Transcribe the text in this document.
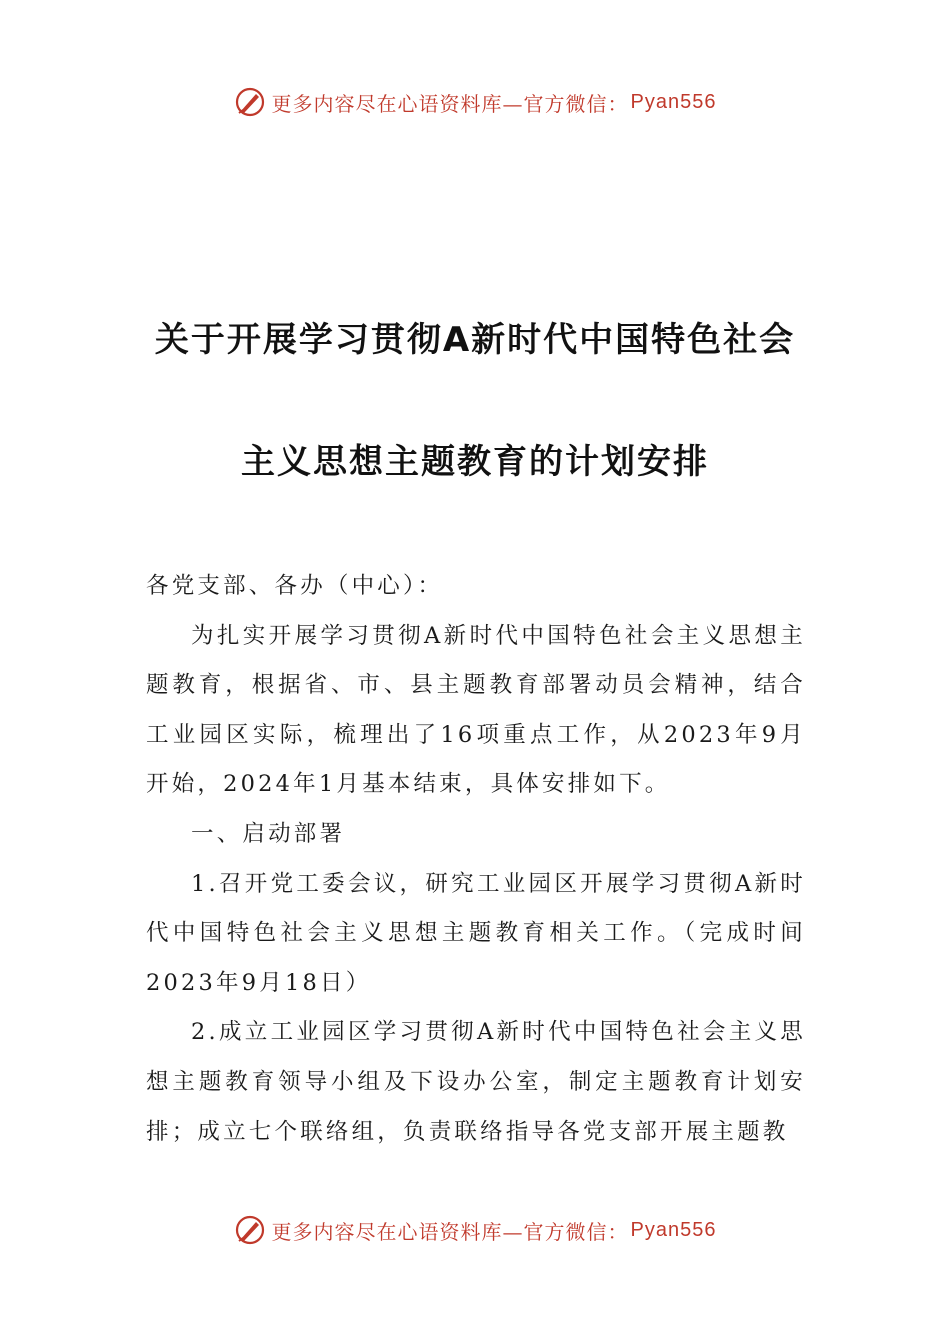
更多内容尽在心语资料库—官方微信： Pyan556
关于开展学习贯彻A新时代中国特色社会
主义思想主题教育的计划安排

各党支部、各办（中心）：

为扎实开展学习贯彻A新时代中国特色社会主义思想主题教育，根据省、市、县主题教育部署动员会精神，结合工业园区实际，梳理出了16项重点工作，从2023年9月开始，2024年1月基本结束，具体安排如下。

一、启动部署

1.召开党工委会议，研究工业园区开展学习贯彻A新时代中国特色社会主义思想主题教育相关工作。（完成时间2023年9月18日）

2.成立工业园区学习贯彻A新时代中国特色社会主义思想主题教育领导小组及下设办公室，制定主题教育计划安排；成立七个联络组，负责联络指导各党支部开展主题教

更多内容尽在心语资料库—官方微信： Pyan556
